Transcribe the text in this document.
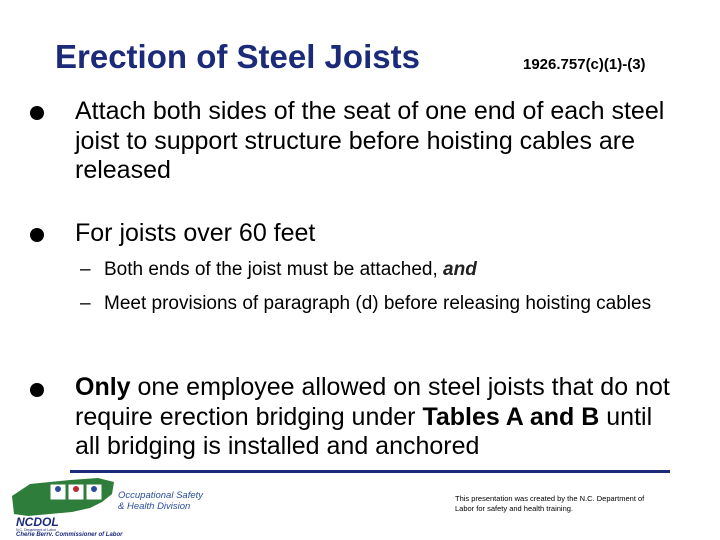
Erection of Steel Joists	1926.757(c)(1)-(3)
Attach both sides of the seat of one end of each steel joist to support structure before hoisting cables are released
For joists over 60 feet
– Both ends of the joist must be attached, and
– Meet provisions of paragraph (d) before releasing hoisting cables
Only one employee allowed on steel joists that do not require erection bridging under Tables A and B until all bridging is installed and anchored
NCDOL
N.C. Department of Labor
Occupational Safety
& Health Division
Cherie Berry, Commissioner of Labor
This presentation was created by the N.C. Department of Labor for safety and health training.
